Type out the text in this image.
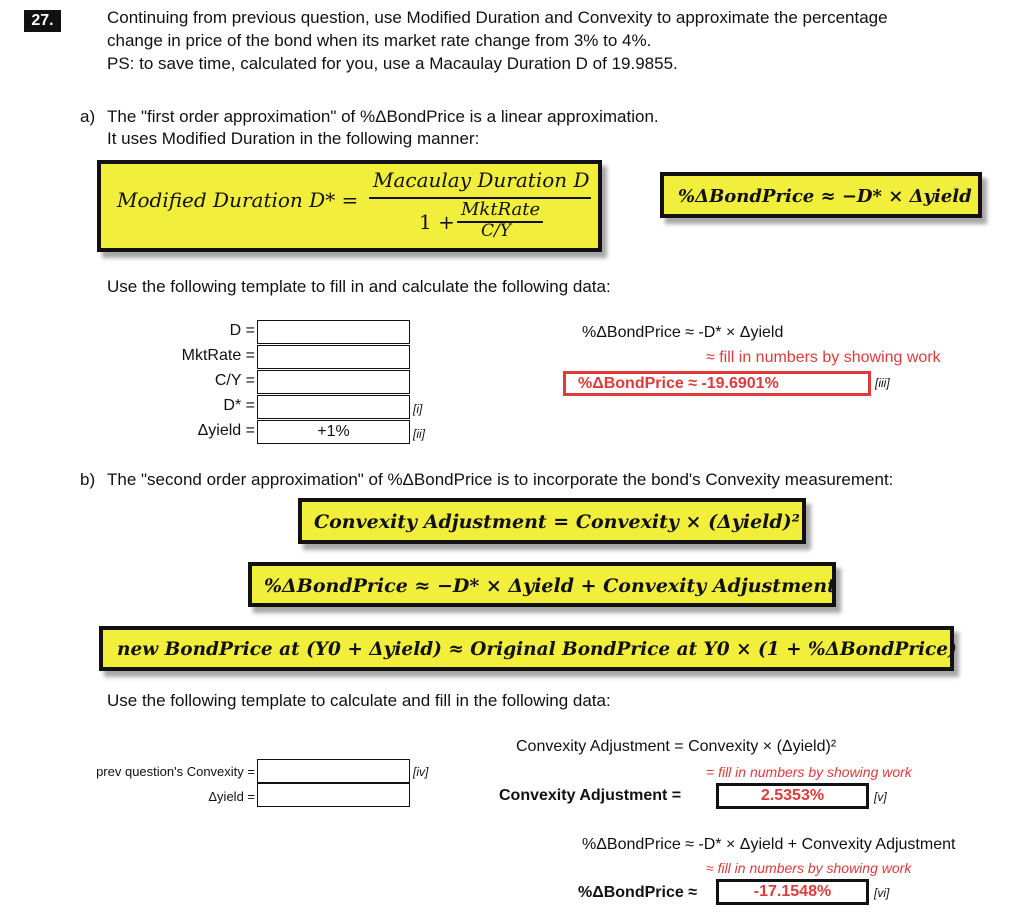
27.	Continuing from previous question, use Modified Duration and Convexity to approximate the percentage
change in price of the bond when its market rate change from 3% to 4%.
PS: to save time, calculated for you, use a Macaulay Duration D of 19.9855.
a) The "first order approximation" of %ΔBondPrice is a linear approximation.
It uses Modified Duration in the following manner:
Modified Duration D* =
Macaulay Duration D
1 +
MktRate
C/Y
%ΔBondPrice ≈ −D* × Δyield
Use the following template to fill in and calculate the following data:
D =
MktRate =
C/Y =
D* =	[i]
Δyield =	+1%	[ii]
%ΔBondPrice ≈ -D* × Δyield
≈ fill in numbers by showing work
%ΔBondPrice ≈ -19.6901%	[iii]
b) The "second order approximation" of %ΔBondPrice is to incorporate the bond's Convexity measurement:
Convexity Adjustment = Convexity × (Δyield)²
%ΔBondPrice ≈ −D* × Δyield + Convexity Adjustment
new BondPrice at (Y0 + Δyield) ≈ Original BondPrice at Y0 × (1 + %ΔBondPrice)
Use the following template to calculate and fill in the following data:
prev question's Convexity =	[iv]
Δyield =
Convexity Adjustment = Convexity × (Δyield)²
= fill in numbers by showing work
Convexity Adjustment =	2.5353%	[v]
%ΔBondPrice ≈ -D* × Δyield + Convexity Adjustment
≈ fill in numbers by showing work
%ΔBondPrice ≈	-17.1548%	[vi]
